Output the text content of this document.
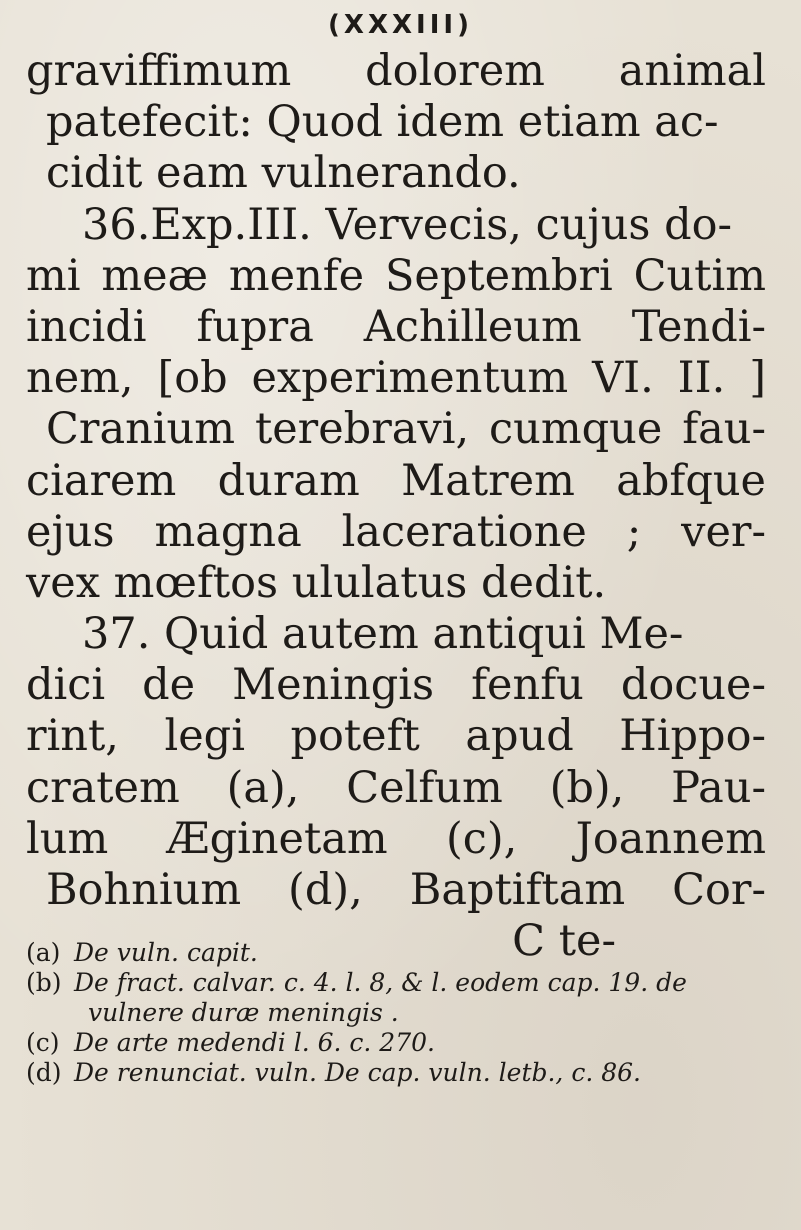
(XXXIII)
graviffimum dolorem animal
patefecit: Quod idem etiam ac-
cidit eam vulnerando.
36.Exp.III. Vervecis, cujus do-
mi meæ menfe Septembri Cutim
incidi fupra Achilleum Tendi-
nem, [ob experimentum VI. II. ]
Cranium terebravi, cumque fau-
ciarem duram Matrem abfque
ejus magna laceratione ; ver-
vex mœftos ululatus dedit.
37. Quid autem antiqui Me-
dici de Meningis fenfu docue-
rint, legi poteft apud Hippo-
cratem (a), Celfum (b), Pau-
lum Æginetam (c), Joannem
Bohnium (d), Baptiftam Cor-
C te-
(a) De vuln. capit.
(b) De fract. calvar. c. 4. l. 8, & l. eodem cap. 19. de
vulnere duræ meningis .
(c) De arte medendi l. 6. c. 270.
(d) De renunciat. vuln. De cap. vuln. letb., c. 86.
